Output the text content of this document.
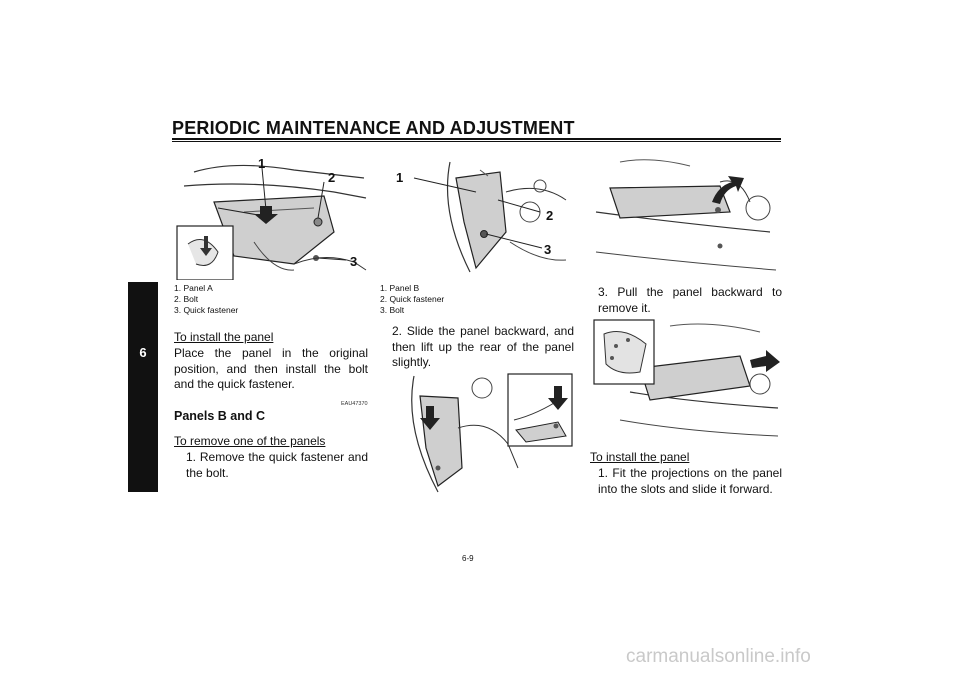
PERIODIC MAINTENANCE AND ADJUSTMENT
6
1
2
3
1. Panel A
2. Bolt
3. Quick fastener
To install the panel
Place the panel in the original position, and then install the bolt and the quick fastener.
EAU47370
Panels B and C
To remove one of the panels
1. Remove the quick fastener and the bolt.
1
2
3
1. Panel B
2. Quick fastener
3. Bolt
2. Slide the panel backward, and then lift up the rear of the panel slightly.
3. Pull the panel backward to remove it.
To install the panel
1. Fit the projections on the panel into the slots and slide it forward.
6-9
carmanualsonline.info
